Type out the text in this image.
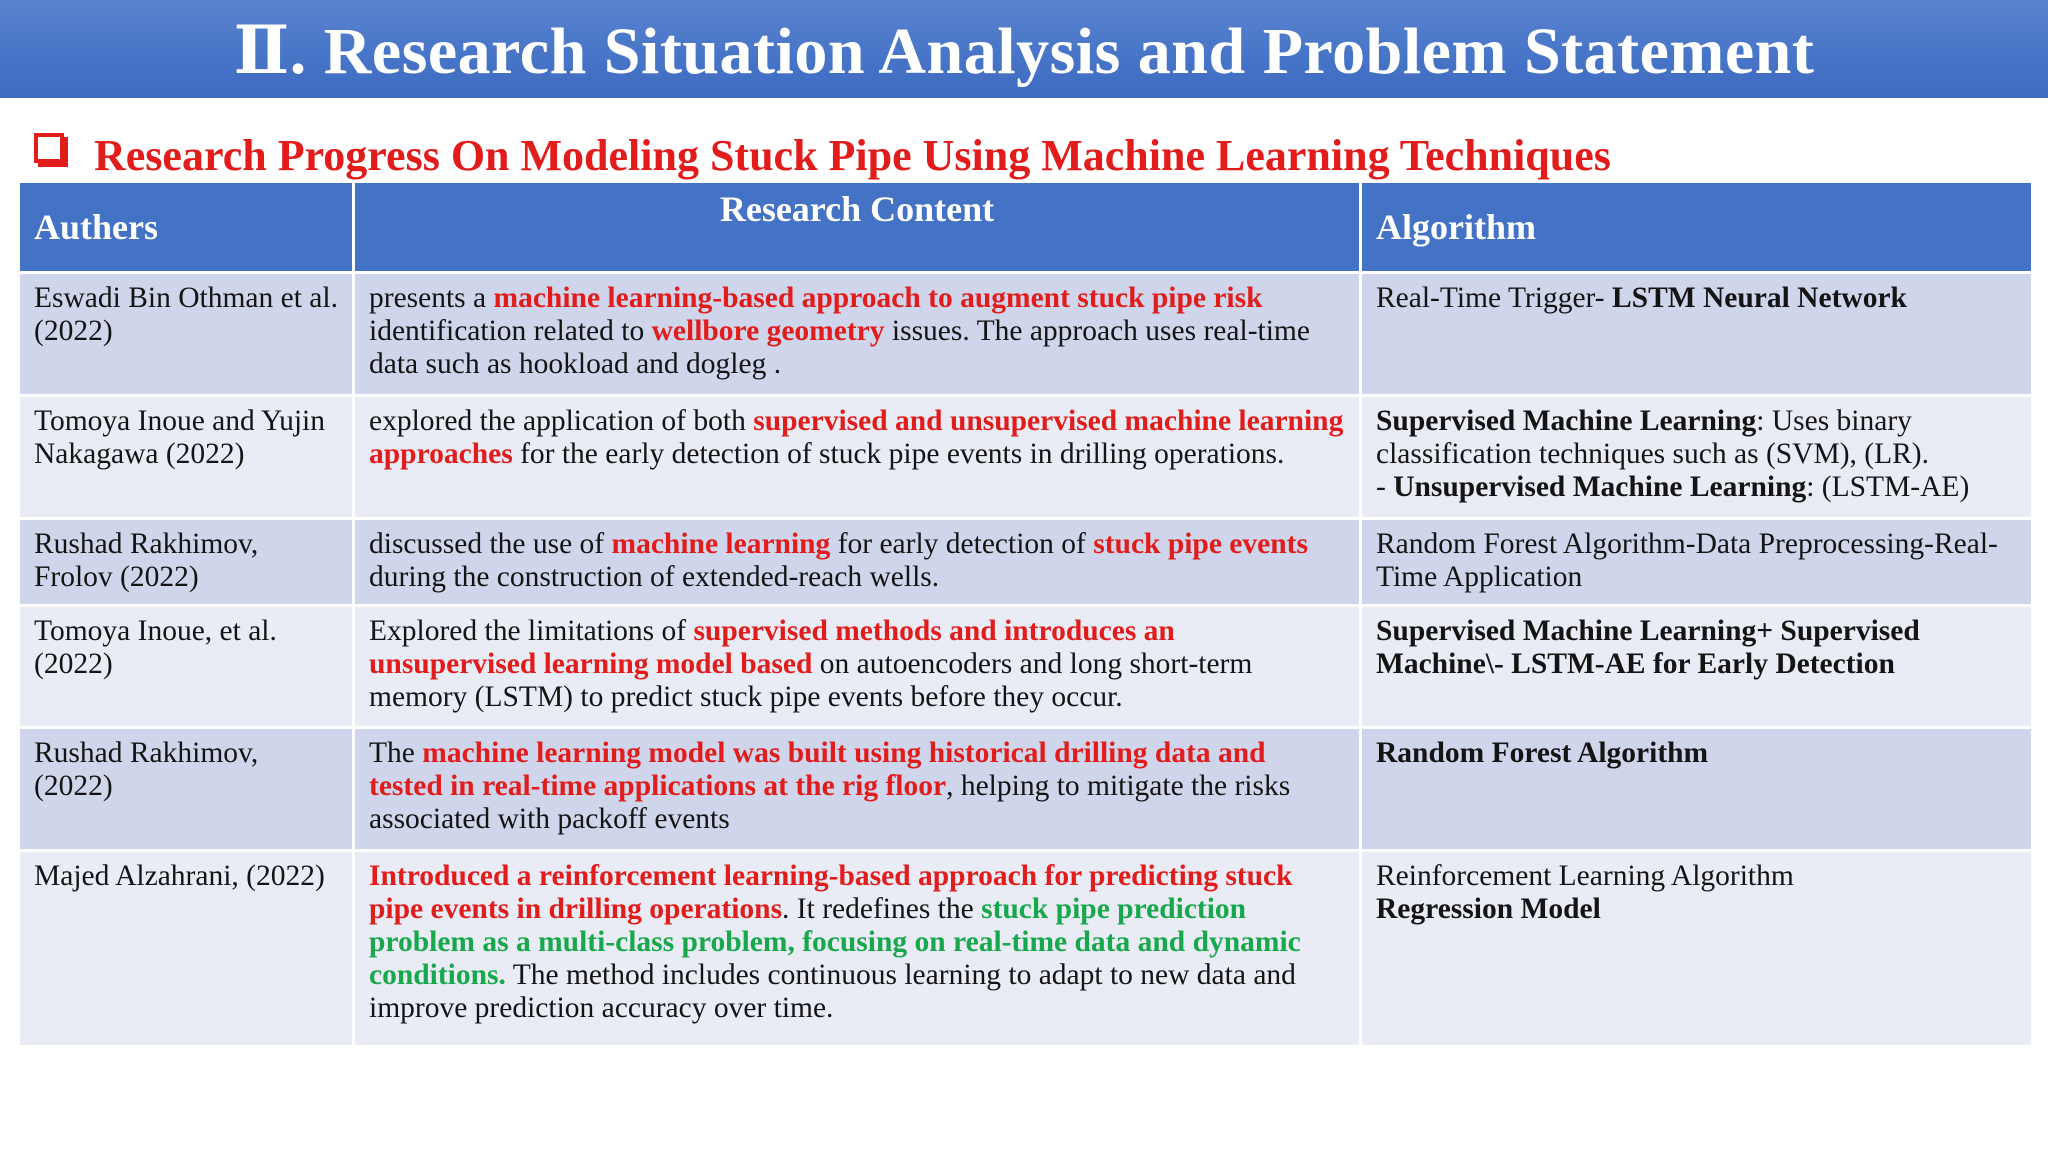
Ⅱ. Research Situation Analysis and Problem Statement
Research Progress On Modeling Stuck Pipe Using Machine Learning Techniques
Authers	Research Content	Algorithm
Eswadi Bin Othman et al. (2022)	presents a machine learning-based approach to augment stuck pipe risk identification related to wellbore geometry issues. The approach uses real-time data such as hookload and dogleg .	Real-Time Trigger- LSTM Neural Network
Tomoya Inoue and Yujin Nakagawa (2022)	explored the application of both supervised and unsupervised machine learning approaches for the early detection of stuck pipe events in drilling operations.	Supervised Machine Learning: Uses binary classification techniques such as (SVM), (LR).
- Unsupervised Machine Learning: (LSTM-AE)
Rushad Rakhimov, Frolov (2022)	discussed the use of machine learning for early detection of stuck pipe events during the construction of extended-reach wells.	Random Forest Algorithm-Data Preprocessing-Real-Time Application
Tomoya Inoue, et al. (2022)	Explored the limitations of supervised methods and introduces an unsupervised learning model based on autoencoders and long short-term memory (LSTM) to predict stuck pipe events before they occur.	Supervised Machine Learning+ Supervised Machine\- LSTM-AE for Early Detection
Rushad Rakhimov, (2022)	The machine learning model was built using historical drilling data and tested in real-time applications at the rig floor, helping to mitigate the risks associated with packoff events	Random Forest Algorithm
Majed Alzahrani, (2022)	Introduced a reinforcement learning-based approach for predicting stuck pipe events in drilling operations. It redefines the stuck pipe prediction problem as a multi-class problem, focusing on real-time data and dynamic conditions. The method includes continuous learning to adapt to new data and improve prediction accuracy over time.	Reinforcement Learning Algorithm
Regression Model
